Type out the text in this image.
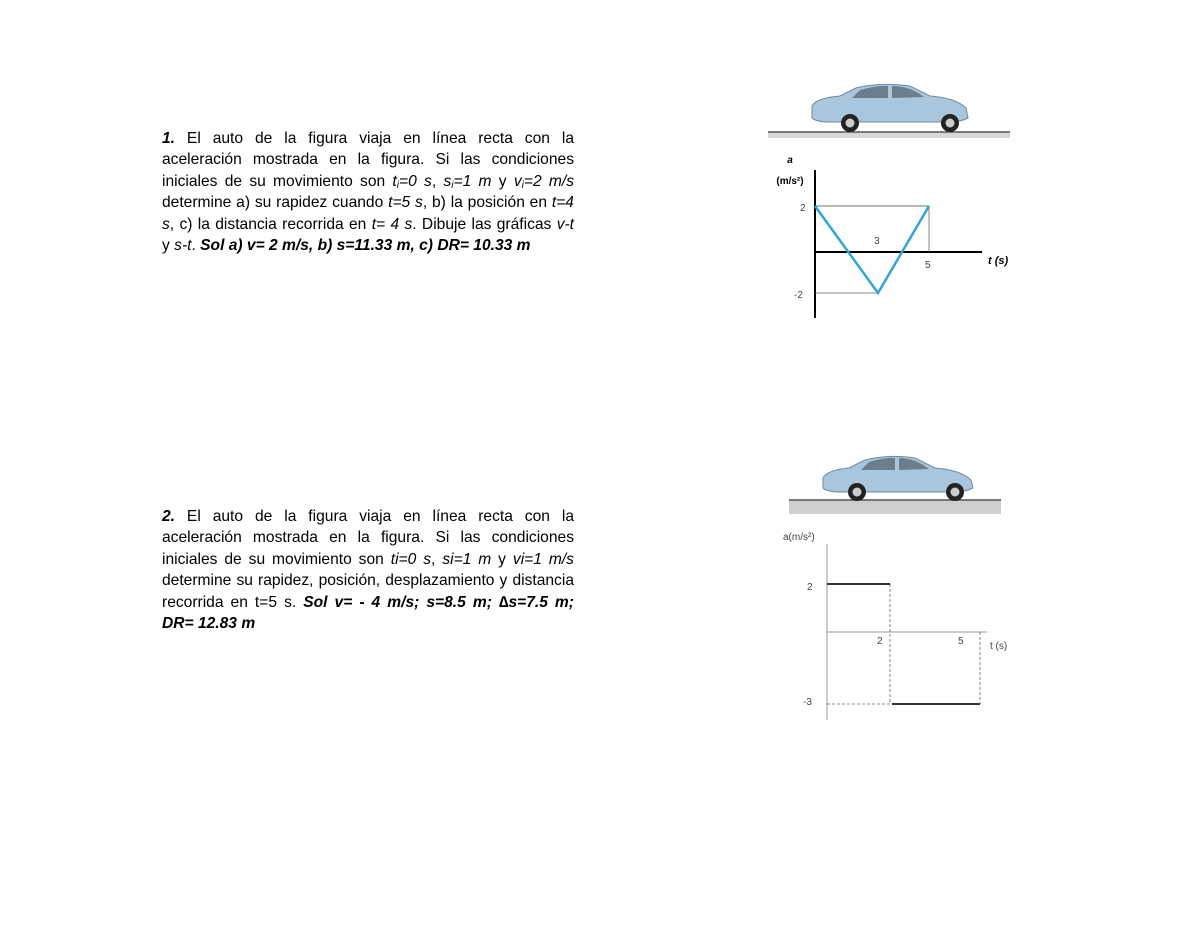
1. El auto de la figura viaja en línea recta con la aceleración mostrada en la figura. Si las condiciones iniciales de su movimiento son $t_i=0$ s, $s_i=1$ m y $v_i=2$ m/s determine a) su rapidez cuando t=5 s, b) la posición en t=4 s, c) la distancia recorrida en t= 4 s. Dibuje las gráficas v-t y s-t. Sol a) v= 2 m/s, b) s=11.33 m, c) DR= 10.33 m
2. El auto de la figura viaja en línea recta con la aceleración mostrada en la figura. Si las condiciones iniciales de su movimiento son ti=0 s, si=1 m y vi=1 m/s determine su rapidez, posición, desplazamiento y distancia recorrida en t=5 s. Sol v= - 4 m/s; s=8.5 m; ∆s=7.5 m; DR= 12.83 m
a
(m/s²)
t (s)
2
-2
3
5
a(m/s²)
t (s)
2
-3
2	5
